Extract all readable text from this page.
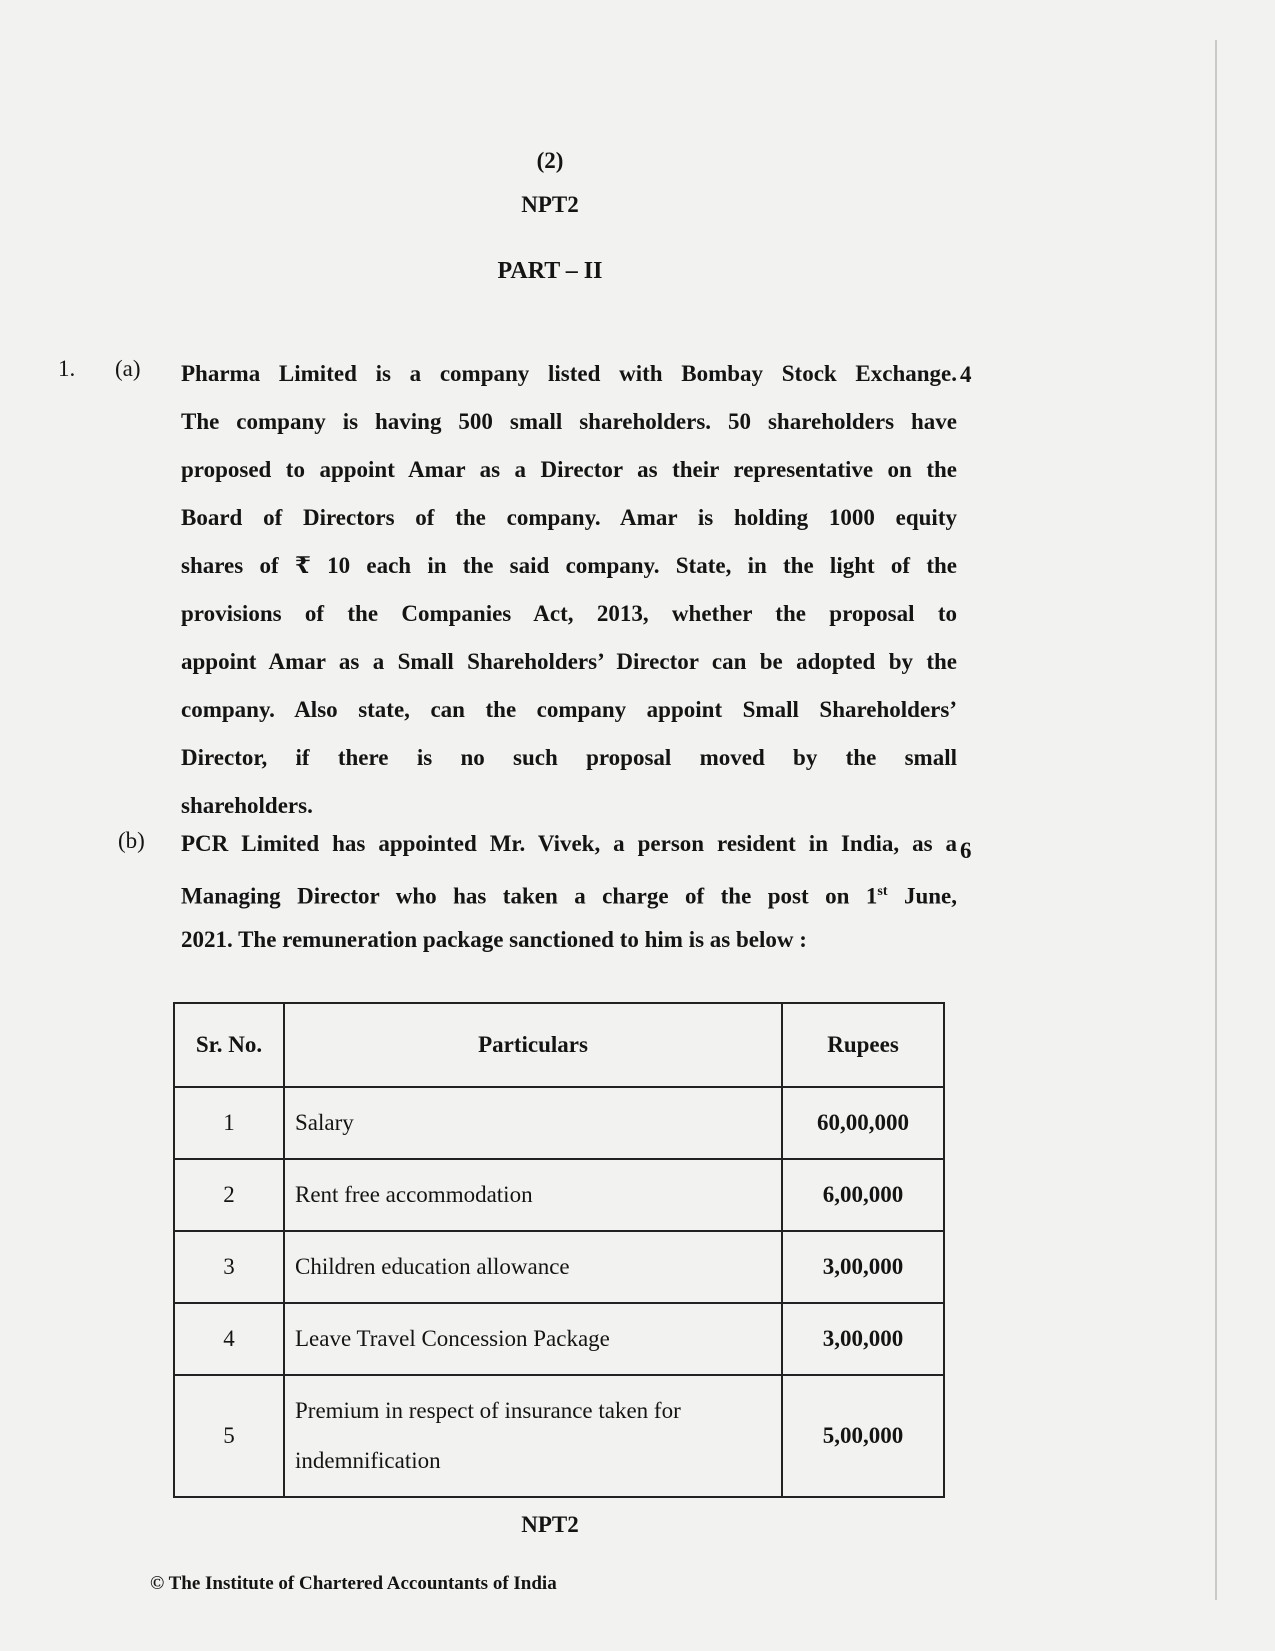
(2)
NPT2
PART – II
1. (a)	4
Pharma Limited is a company listed with Bombay Stock Exchange.
The company is having 500 small shareholders. 50 shareholders have
proposed to appoint Amar as a Director as their representative on the
Board of Directors of the company. Amar is holding 1000 equity
shares of ₹ 10 each in the said company. State, in the light of the
provisions of the Companies Act, 2013, whether the proposal to
appoint Amar as a Small Shareholders’ Director can be adopted by the
company. Also state, can the company appoint Small Shareholders’
Director, if there is no such proposal moved by the small
shareholders.
(b)	6
PCR Limited has appointed Mr. Vivek, a person resident in India, as a
Managing Director who has taken a charge of the post on 1st June,
2021. The remuneration package sanctioned to him is as below :
Sr. No.	Particulars	Rupees
1	Salary	60,00,000
2	Rent free accommodation	6,00,000
3	Children education allowance	3,00,000
4	Leave Travel Concession Package	3,00,000
5	Premium in respect of insurance taken for indemnification	5,00,000
NPT2
© The Institute of Chartered Accountants of India
